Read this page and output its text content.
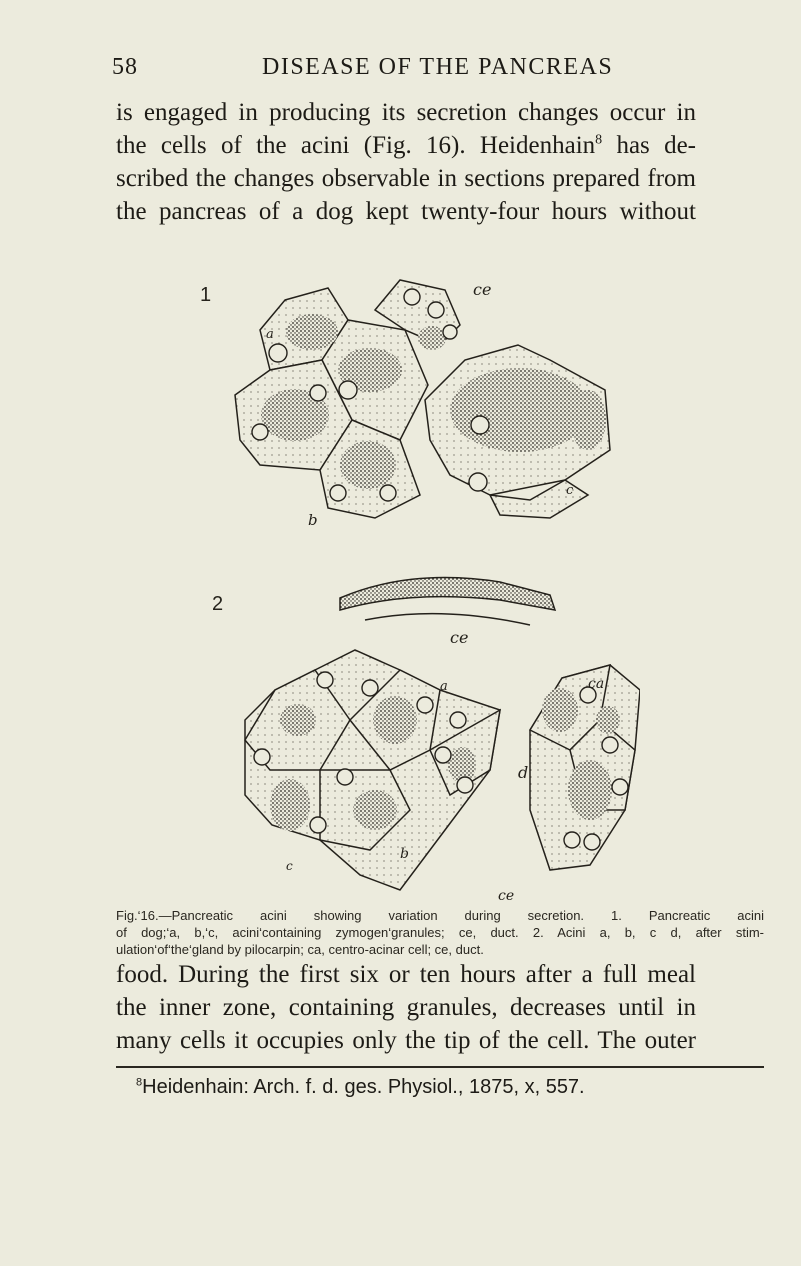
58	DISEASE OF THE PANCREAS
is engaged in producing its secretion changes occur in
the cells of the acini (Fig. 16). Heidenhain$^8$ has de-
scribed the changes observable in sections prepared from
the pancreas of a dog kept twenty-four hours without
1
2
a
b
c
ce
ce
a
b
c
ca
d
ce

Fig.‘16.—Pancreatic acini showing variation during secretion. 1. Pancreatic acini
of dog;‘a, b,‘c, acini‘containing zymogen‘granules; ce, duct. 2. Acini a, b, c d, after stim-
ulation‘of‘the‘gland by pilocarpin; ca, centro-acinar cell; ce, duct.

food. During the first six or ten hours after a full meal
the inner zone, containing granules, decreases until in
many cells it occupies only the tip of the cell. The outer
$^8$Heidenhain: Arch. f. d. ges. Physiol., 1875, x, 557.
